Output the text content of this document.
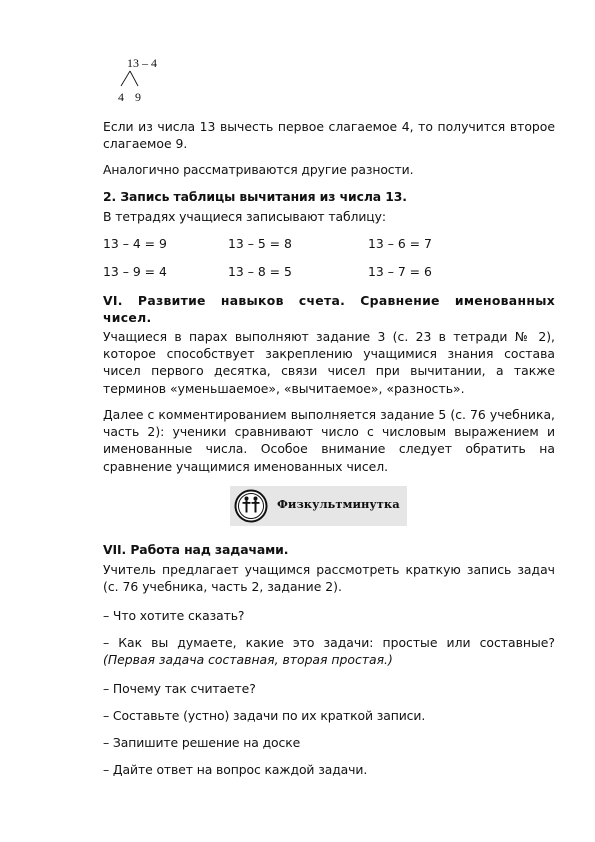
13 – 4
4 9
Если из числа 13 вычесть первое слагаемое 4, то получится второе слагаемое 9.
Аналогично рассматриваются другие разности.
2. Запись таблицы вычитания из числа 13.
В тетрадях учащиеся записывают таблицу:
13 – 4 = 9	13 – 5 = 8	13 – 6 = 7
13 – 9 = 4	13 – 8 = 5	13 – 7 = 6
VI. Развитие навыков счета. Сравнение именованных чисел.
Учащиеся в парах выполняют задание 3 (с. 23 в тетради № 2), которое способствует закреплению учащимися знания состава чисел первого десятка, связи чисел при вычитании, а также терминов «уменьшаемое», «вычитаемое», «разность».
Далее с комментированием выполняется задание 5 (с. 76 учебника, часть 2): ученики сравнивают число с числовым выражением и именованные числа. Особое внимание следует обратить на сравнение учащимися именованных чисел.
Физкультминутка
VII. Работа над задачами.
Учитель предлагает учащимся рассмотреть краткую запись задач (с. 76 учебника, часть 2, задание 2).
– Что хотите сказать?
– Как вы думаете, какие это задачи: простые или составные? (Первая задача составная, вторая простая.)
– Почему так считаете?
– Составьте (устно) задачи по их краткой записи.
– Запишите решение на доске
– Дайте ответ на вопрос каждой задачи.
